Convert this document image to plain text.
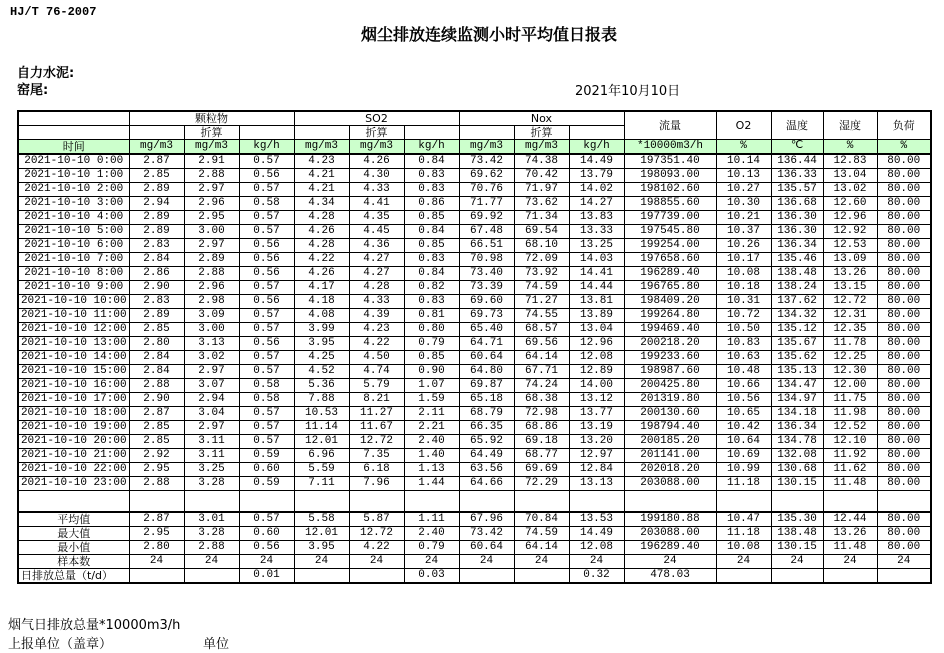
HJ/T 76-2007
烟尘排放连续监测小时平均值日报表
自力水泥:
窑尾:	2021年10月10日
	颗粒物			SO2			Nox			流量	O2	温度	湿度	负荷
		折算			折算			折算						
时间	mg/m3	mg/m3	kg/h	mg/m3	mg/m3	kg/h	mg/m3	mg/m3	kg/h	*10000m3/h	%	℃	%	%
2021-10-10 0:00	2.87	2.91	0.57	4.23	4.26	0.84	73.42	74.38	14.49	197351.40	10.14	136.44	12.83	80.00
2021-10-10 1:00	2.85	2.88	0.56	4.21	4.30	0.83	69.62	70.42	13.79	198093.00	10.13	136.33	13.04	80.00
2021-10-10 2:00	2.89	2.97	0.57	4.21	4.33	0.83	70.76	71.97	14.02	198102.60	10.27	135.57	13.02	80.00
2021-10-10 3:00	2.94	2.96	0.58	4.34	4.41	0.86	71.77	73.62	14.27	198855.60	10.30	136.68	12.60	80.00
2021-10-10 4:00	2.89	2.95	0.57	4.28	4.35	0.85	69.92	71.34	13.83	197739.00	10.21	136.30	12.96	80.00
2021-10-10 5:00	2.89	3.00	0.57	4.26	4.45	0.84	67.48	69.54	13.33	197545.80	10.37	136.30	12.92	80.00
2021-10-10 6:00	2.83	2.97	0.56	4.28	4.36	0.85	66.51	68.10	13.25	199254.00	10.26	136.34	12.53	80.00
2021-10-10 7:00	2.84	2.89	0.56	4.22	4.27	0.83	70.98	72.09	14.03	197658.60	10.17	135.46	13.09	80.00
2021-10-10 8:00	2.86	2.88	0.56	4.26	4.27	0.84	73.40	73.92	14.41	196289.40	10.08	138.48	13.26	80.00
2021-10-10 9:00	2.90	2.96	0.57	4.17	4.28	0.82	73.39	74.59	14.44	196765.80	10.18	138.24	13.15	80.00
2021-10-10 10:00	2.83	2.98	0.56	4.18	4.33	0.83	69.60	71.27	13.81	198409.20	10.31	137.62	12.72	80.00
2021-10-10 11:00	2.89	3.09	0.57	4.08	4.39	0.81	69.73	74.55	13.89	199264.80	10.72	134.32	12.31	80.00
2021-10-10 12:00	2.85	3.00	0.57	3.99	4.23	0.80	65.40	68.57	13.04	199469.40	10.50	135.12	12.35	80.00
2021-10-10 13:00	2.80	3.13	0.56	3.95	4.22	0.79	64.71	69.56	12.96	200218.20	10.83	135.67	11.78	80.00
2021-10-10 14:00	2.84	3.02	0.57	4.25	4.50	0.85	60.64	64.14	12.08	199233.60	10.63	135.62	12.25	80.00
2021-10-10 15:00	2.84	2.97	0.57	4.52	4.74	0.90	64.80	67.71	12.89	198987.60	10.48	135.13	12.30	80.00
2021-10-10 16:00	2.88	3.07	0.58	5.36	5.79	1.07	69.87	74.24	14.00	200425.80	10.66	134.47	12.00	80.00
2021-10-10 17:00	2.90	2.94	0.58	7.88	8.21	1.59	65.18	68.38	13.12	201319.80	10.56	134.97	11.75	80.00
2021-10-10 18:00	2.87	3.04	0.57	10.53	11.27	2.11	68.79	72.98	13.77	200130.60	10.65	134.18	11.98	80.00
2021-10-10 19:00	2.85	2.97	0.57	11.14	11.67	2.21	66.35	68.86	13.19	198794.40	10.42	136.34	12.52	80.00
2021-10-10 20:00	2.85	3.11	0.57	12.01	12.72	2.40	65.92	69.18	13.20	200185.20	10.64	134.78	12.10	80.00
2021-10-10 21:00	2.92	3.11	0.59	6.96	7.35	1.40	64.49	68.77	12.97	201141.00	10.69	132.08	11.92	80.00
2021-10-10 22:00	2.95	3.25	0.60	5.59	6.18	1.13	63.56	69.69	12.84	202018.20	10.99	130.68	11.62	80.00
2021-10-10 23:00	2.88	3.28	0.59	7.11	7.96	1.44	64.66	72.29	13.13	203088.00	11.18	130.15	11.48	80.00

平均值	2.87	3.01	0.57	5.58	5.87	1.11	67.96	70.84	13.53	199180.88	10.47	135.30	12.44	80.00
最大值	2.95	3.28	0.60	12.01	12.72	2.40	73.42	74.59	14.49	203088.00	11.18	138.48	13.26	80.00
最小值	2.80	2.88	0.56	3.95	4.22	0.79	60.64	64.14	12.08	196289.40	10.08	130.15	11.48	80.00
样本数	24	24	24	24	24	24	24	24	24	24	24	24	24	24
日排放总量（t/d）			0.01			0.03			0.32	478.03				
烟气日排放总量*10000m3/h
上报单位（盖章）	单位
